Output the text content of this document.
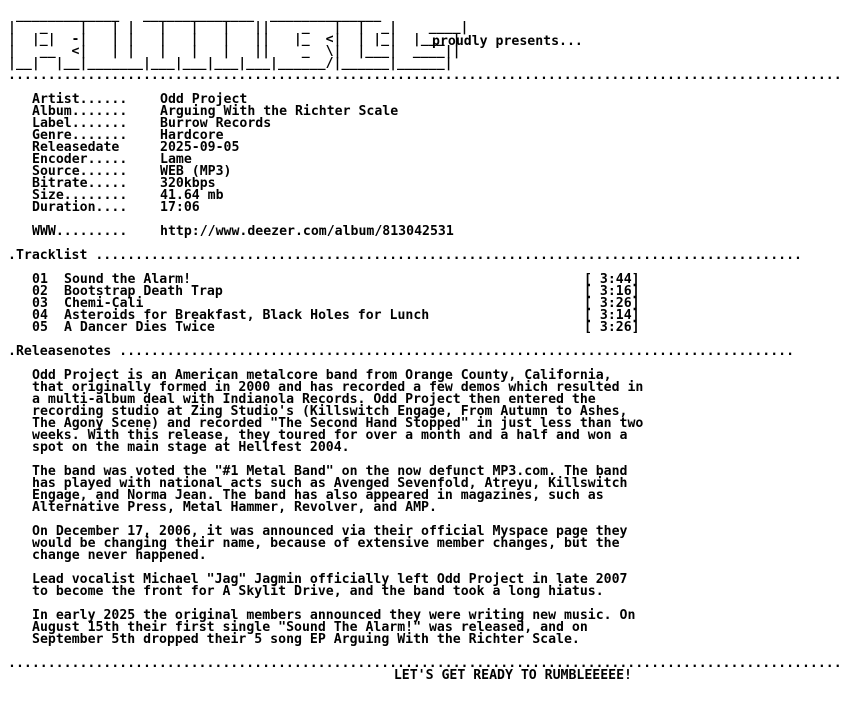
_____________   ______________  ______________
|   _    |   | |   |   |   |   ||    _   |  |  _|    ____|
|  |_|  -|   | |   |   |   |   ||   |_  <|  | |_|  |___ |
|   __  <|   | |   |   |   |   ||    _  \|  |___|  ____||
|__|  |__|_______|___|___|___|___|______/|______|______|
proudly presents...
.........................................................................................................
Artist......	Odd Project
Album.......	Arguing With the Richter Scale
Label.......	Burrow Records
Genre.......	Hardcore
Releasedate	2025-09-05
Encoder.....	Lame
Source......	WEB (MP3)
Bitrate.....	320kbps
Size........	41.64 mb
Duration....	17:06
WWW.........	http://www.deezer.com/album/813042531
.Tracklist .........................................................................................
01	Sound the Alarm!	[ 3:44]
02	Bootstrap Death Trap	[ 3:16]
03	Chemi-Cali	[ 3:26]
04	Asteroids for Breakfast, Black Holes for Lunch	[ 3:14]
05	A Dancer Dies Twice	[ 3:26]
.Releasenotes .....................................................................................
Odd Project is an American metalcore band from Orange County, California,
that originally formed in 2000 and has recorded a few demos which resulted in
a multi-album deal with Indianola Records. Odd Project then entered the
recording studio at Zing Studio's (Killswitch Engage, From Autumn to Ashes,
The Agony Scene) and recorded "The Second Hand Stopped" in just less than two
weeks. With this release, they toured for over a month and a half and won a
spot on the main stage at Hellfest 2004.
The band was voted the "#1 Metal Band" on the now defunct MP3.com. The band
has played with national acts such as Avenged Sevenfold, Atreyu, Killswitch
Engage, and Norma Jean. The band has also appeared in magazines, such as
Alternative Press, Metal Hammer, Revolver, and AMP.
On December 17, 2006, it was announced via their official Myspace page they
would be changing their name, because of extensive member changes, but the
change never happened.
Lead vocalist Michael "Jag" Jagmin officially left Odd Project in late 2007
to become the front for A Skylit Drive, and the band took a long hiatus.
In early 2025 the original members announced they were writing new music. On
August 15th their first single "Sound The Alarm!" was released, and on
September 5th dropped their 5 song EP Arguing With the Richter Scale.
.........................................................................................................
LET'S GET READY TO RUMBLEEEEE!
